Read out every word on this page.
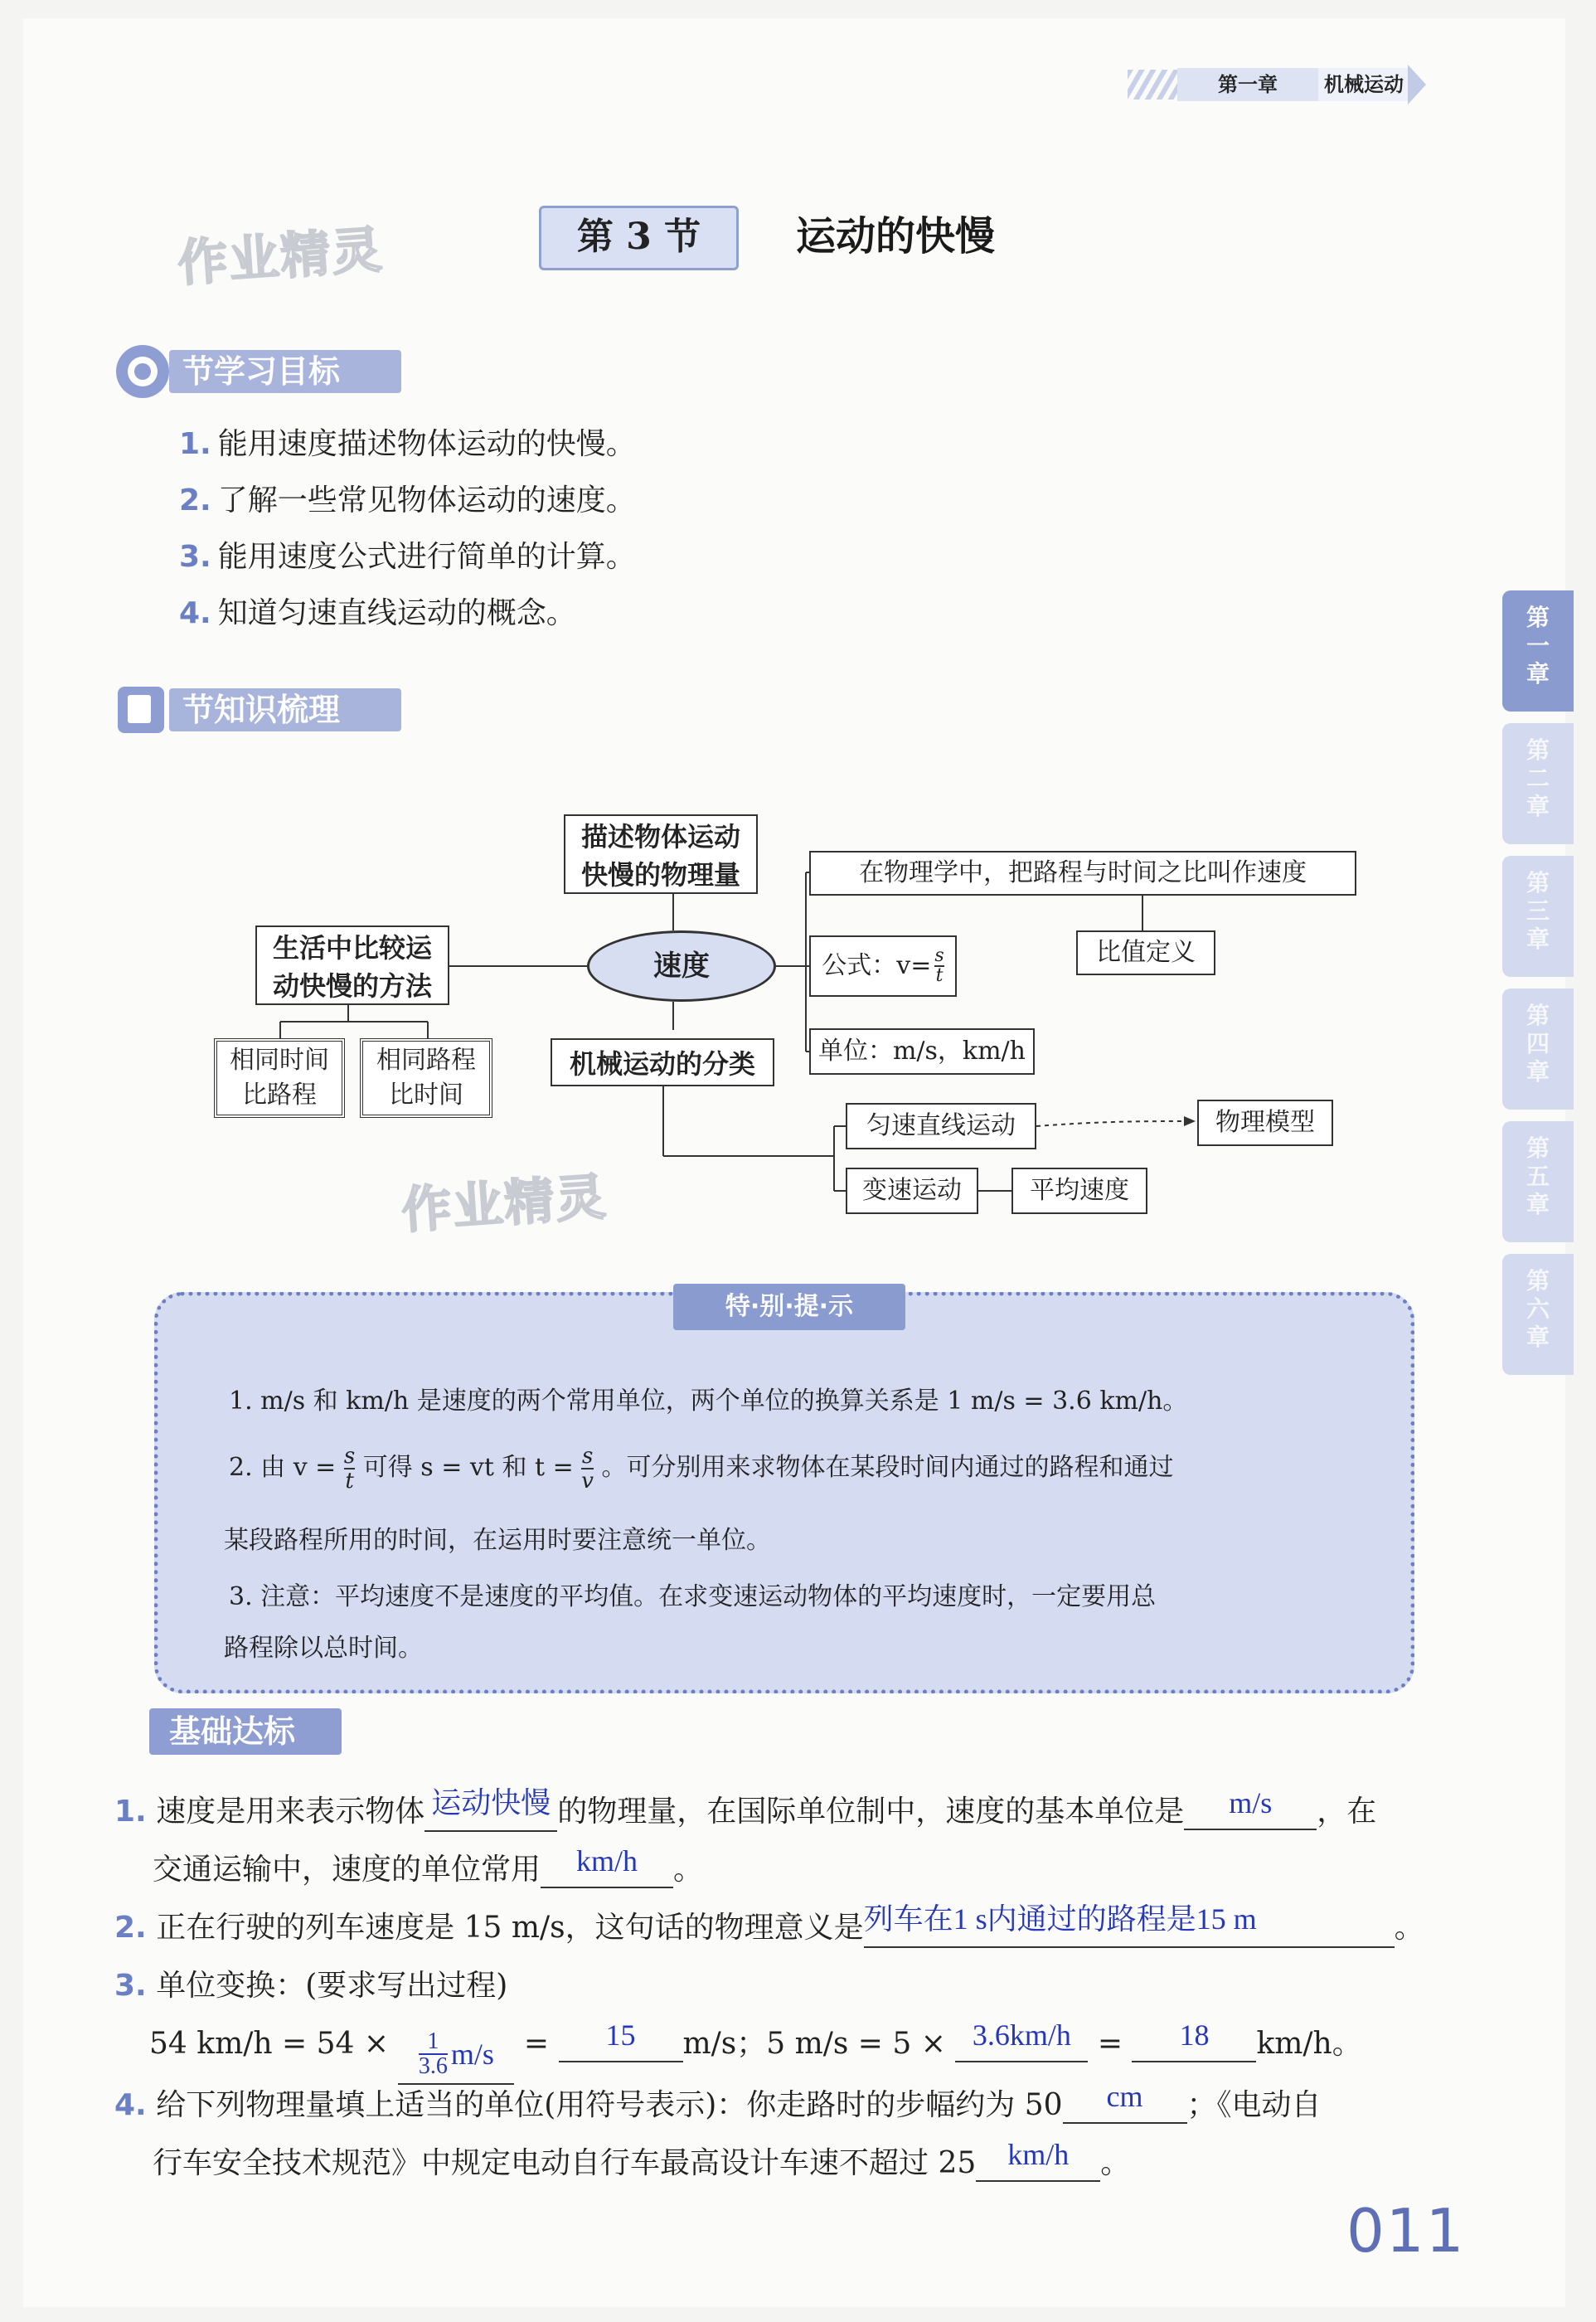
第一章	机械运动
作业精灵
作业精灵
第 3 节	运动的快慢
节学习目标
1. 能用速度描述物体运动的快慢。
2. 了解一些常见物体运动的速度。
3. 能用速度公式进行简单的计算。
4. 知道匀速直线运动的概念。	第
一
章
第
二
章
第
三
章
第
四
章
第
五
章
第
六
章
节知识梳理
描述物体运动
快慢的物理量
生活中比较运
动快慢的方法
速度
相同时间
比路程
相同路程
比时间
在物理学中，把路程与时间之比叫作速度
比值定义
公式：$v= \frac{s}{t}$
单位：m/s，km/h
机械运动的分类
匀速直线运动	物理模型
变速运动	平均速度
特·别·提·示
1. m/s 和 km/h 是速度的两个常用单位，两个单位的换算关系是 1 m/s = 3.6 km/h。
2. 由 $v = \frac{s}{t}$ 可得 s = vt 和 $t = \frac{s}{v}$ 。可分别用来求物体在某段时间内通过的路程和通过
某段路程所用的时间，在运用时要注意统一单位。
3. 注意：平均速度不是速度的平均值。在求变速运动物体的平均速度时，一定要用总
路程除以总时间。
基础达标
1. 速度是用来表示物体 运动快慢 的物理量，在国际单位制中，速度的基本单位是 m/s ，在
交通运输中，速度的单位常用 km/h 。
2. 正在行驶的列车速度是 15 m/s，这句话的物理意义是列车在1 s内通过的路程是15 m	。
3. 单位变换：(要求写出过程)
54 km/h = 54 ×	1
3.6 m/s = 15 m/s；5 m/s = 5 × 3.6km/h = 18 km/h。
4. 给下列物理量填上适当的单位(用符号表示)：你走路时的步幅约为 50 cm ；《电动自
行车安全技术规范》中规定电动自行车最高设计车速不超过 25 km/h 。
011
